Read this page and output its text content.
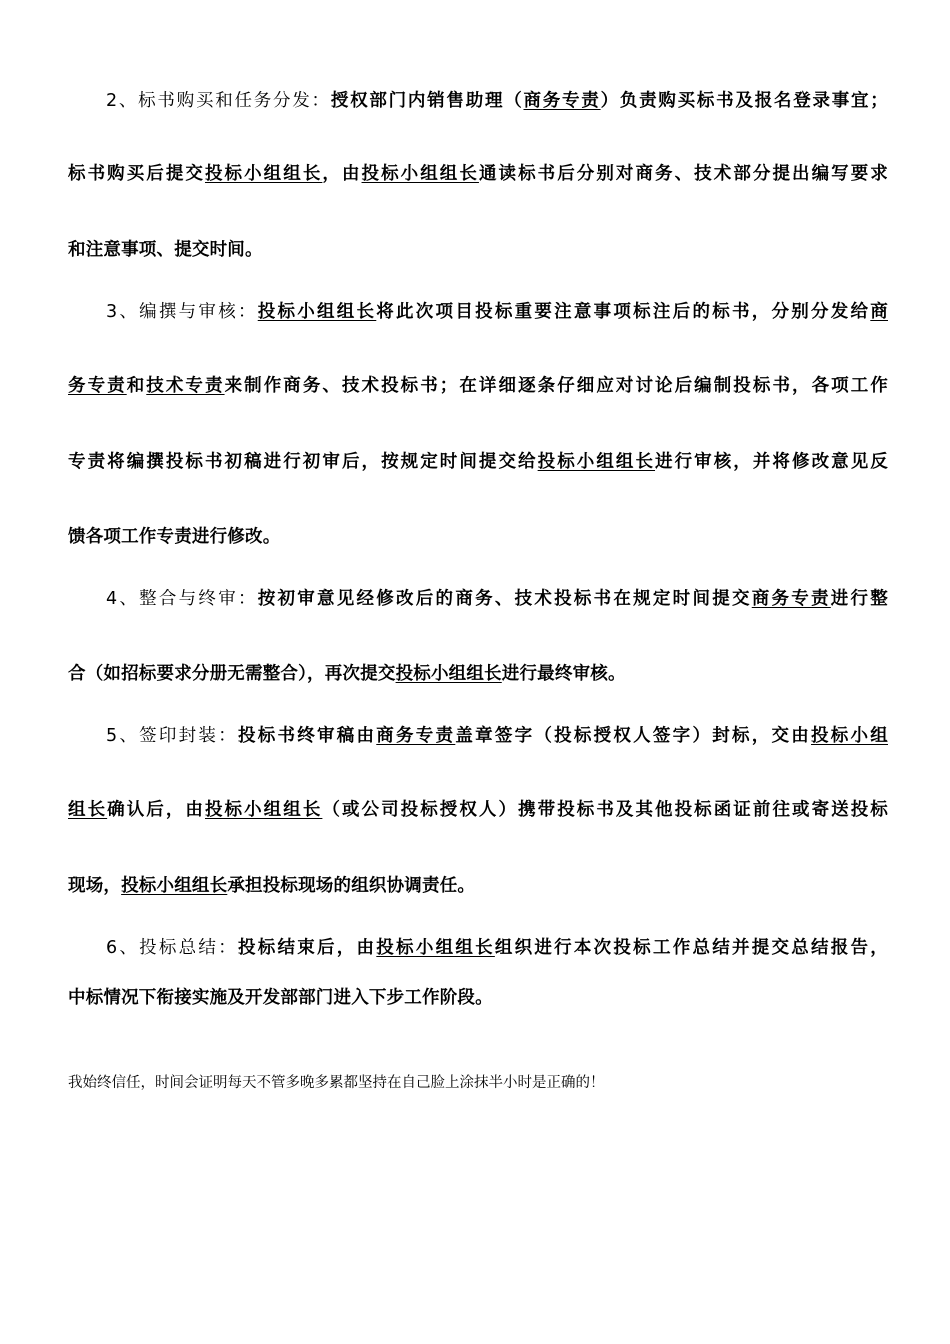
2、标书购买和任务分发：授权部门内销售助理（商务专责）负责购买标书及报名登录事宜；
标书购买后提交投标小组组长，由投标小组组长通读标书后分别对商务、技术部分提出编写要求
和注意事项、提交时间。
3、编撰与审核：投标小组组长将此次项目投标重要注意事项标注后的标书，分别分发给商
务专责和技术专责来制作商务、技术投标书；在详细逐条仔细应对讨论后编制投标书，各项工作
专责将编撰投标书初稿进行初审后，按规定时间提交给投标小组组长进行审核，并将修改意见反
馈各项工作专责进行修改。
4、整合与终审：按初审意见经修改后的商务、技术投标书在规定时间提交商务专责进行整
合（如招标要求分册无需整合），再次提交投标小组组长进行最终审核。
5、签印封装：投标书终审稿由商务专责盖章签字（投标授权人签字）封标，交由投标小组
组长确认后，由投标小组组长（或公司投标授权人）携带投标书及其他投标函证前往或寄送投标
现场，投标小组组长承担投标现场的组织协调责任。
6、投标总结：投标结束后，由投标小组组长组织进行本次投标工作总结并提交总结报告，
中标情况下衔接实施及开发部部门进入下步工作阶段。
我始终信任，时间会证明每天不管多晚多累都坚持在自己脸上涂抹半小时是正确的！
